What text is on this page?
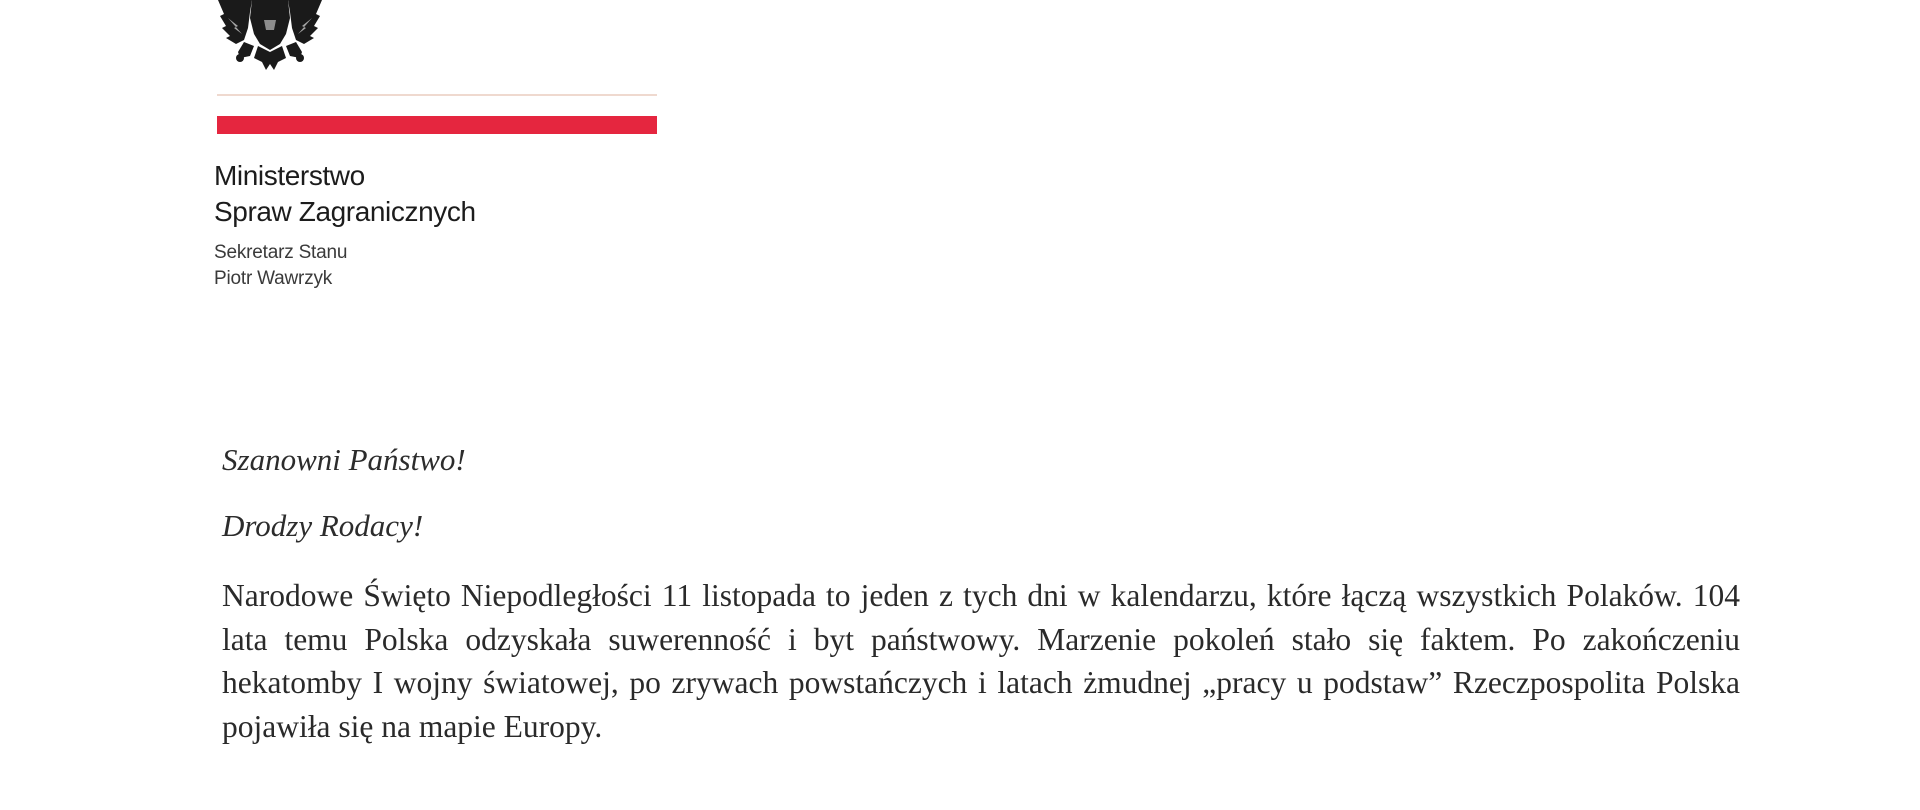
Ministerstwo
Spraw Zagranicznych
Sekretarz Stanu
Piotr Wawrzyk
Szanowni Państwo!
Drodzy Rodacy!

Narodowe Święto Niepodległości 11 listopada to jeden z tych dni w kalendarzu, które łączą wszystkich Polaków. 104 lata temu Polska odzyskała suwerenność i byt państwowy. Marzenie pokoleń stało się faktem. Po zakończeniu hekatomby I wojny światowej, po zrywach powstańczych i latach żmudnej „pracy u podstaw” Rzeczpospolita Polska pojawiła się na mapie Europy.
